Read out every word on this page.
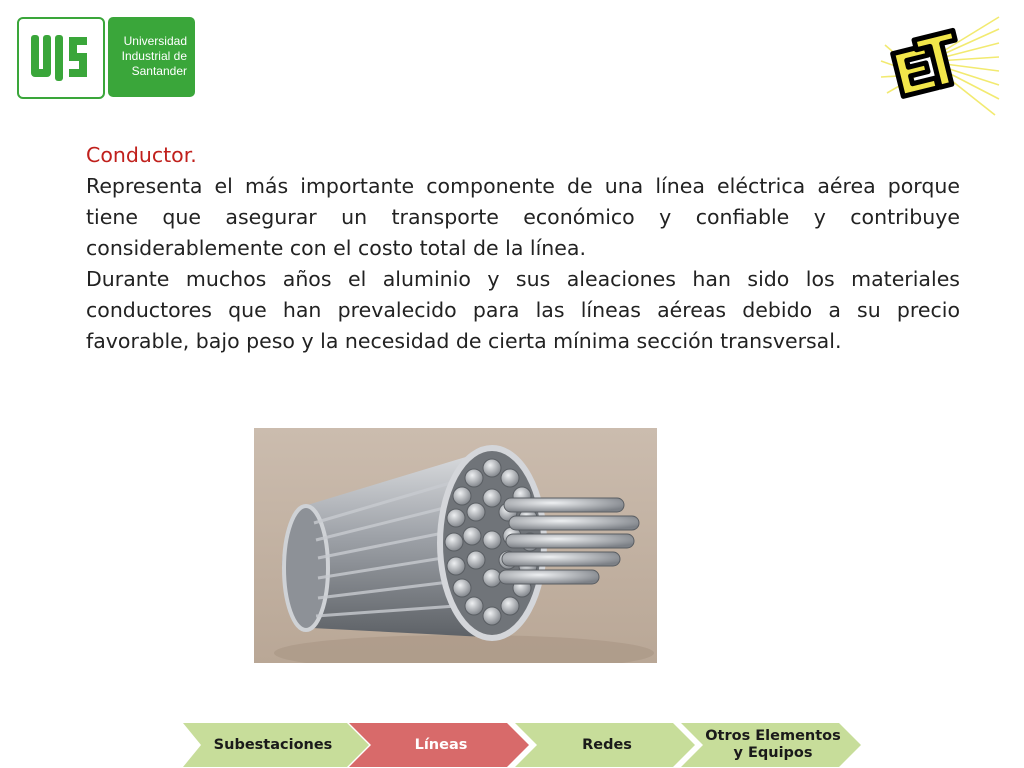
Universidad
Industrial de
Santander

Conductor.

Representa el más importante componente de una línea eléctrica aérea porque tiene que asegurar un transporte económico y confiable y contribuye considerablemente con el costo total de la línea.

Durante muchos años el aluminio y sus aleaciones han sido los materiales conductores que han prevalecido para las líneas aéreas debido a su precio favorable, bajo peso y la necesidad de cierta mínima sección transversal.

Subestaciones	Líneas	Redes
Otros Elementos y Equipos
